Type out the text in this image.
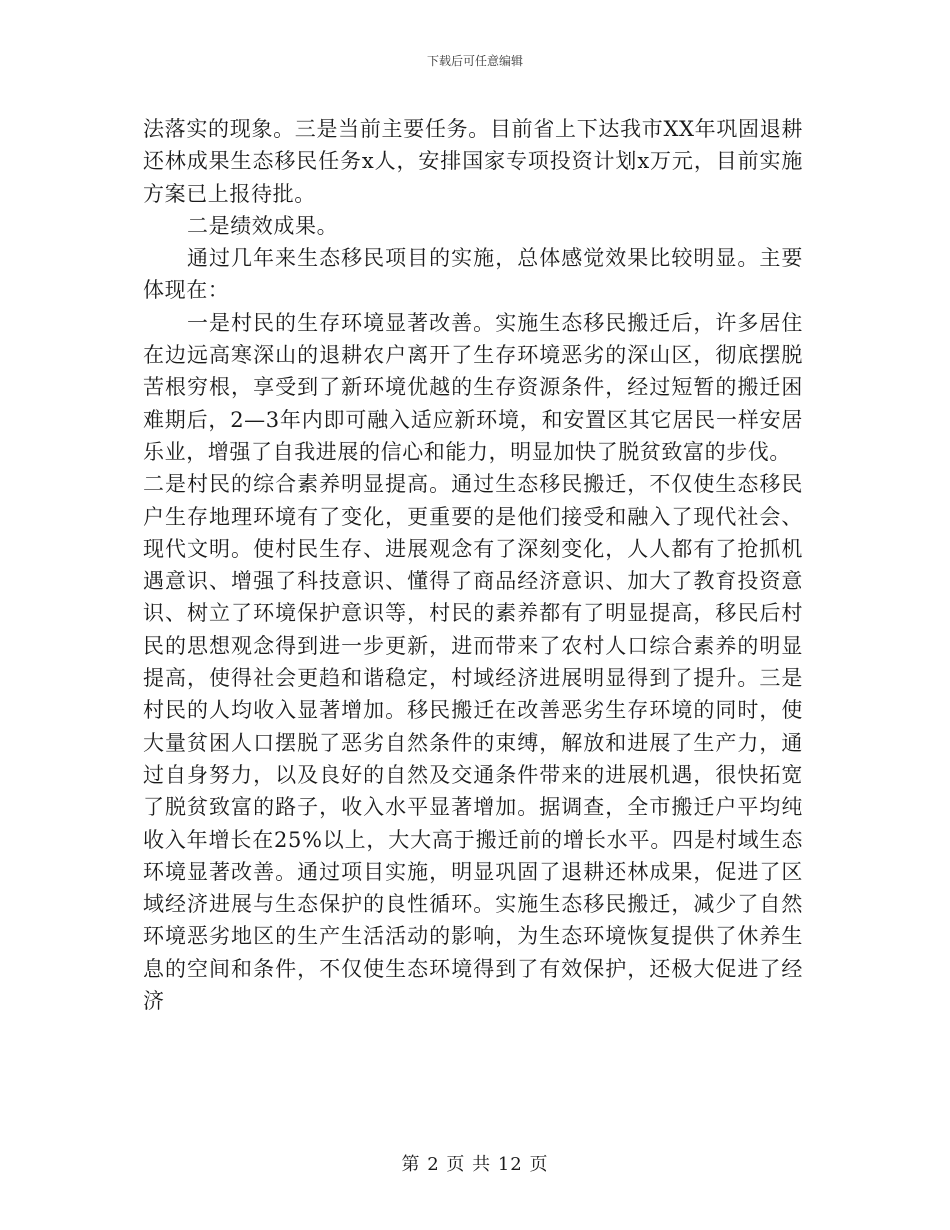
下载后可任意编辑

法落实的现象。三是当前主要任务。目前省上下达我市XX年巩固退耕还林成果生态移民任务x人，安排国家专项投资计划x万元，目前实施方案已上报待批。

二是绩效成果。

通过几年来生态移民项目的实施，总体感觉效果比较明显。主要体现在：

一是村民的生存环境显著改善。实施生态移民搬迁后，许多居住在边远高寒深山的退耕农户离开了生存环境恶劣的深山区，彻底摆脱苦根穷根，享受到了新环境优越的生存资源条件，经过短暂的搬迁困难期后，2—3年内即可融入适应新环境，和安置区其它居民一样安居乐业，增强了自我进展的信心和能力，明显加快了脱贫致富的步伐。

二是村民的综合素养明显提高。通过生态移民搬迁，不仅使生态移民户生存地理环境有了变化，更重要的是他们接受和融入了现代社会、现代文明。使村民生存、进展观念有了深刻变化，人人都有了抢抓机遇意识、增强了科技意识、懂得了商品经济意识、加大了教育投资意识、树立了环境保护意识等，村民的素养都有了明显提高，移民后村民的思想观念得到进一步更新，进而带来了农村人口综合素养的明显提高，使得社会更趋和谐稳定，村域经济进展明显得到了提升。三是村民的人均收入显著增加。移民搬迁在改善恶劣生存环境的同时，使大量贫困人口摆脱了恶劣自然条件的束缚，解放和进展了生产力，通过自身努力，以及良好的自然及交通条件带来的进展机遇，很快拓宽了脱贫致富的路子，收入水平显著增加。据调查，全市搬迁户平均纯收入年增长在25%以上，大大高于搬迁前的增长水平。四是村域生态环境显著改善。通过项目实施，明显巩固了退耕还林成果，促进了区域经济进展与生态保护的良性循环。实施生态移民搬迁，减少了自然环境恶劣地区的生产生活活动的影响，为生态环境恢复提供了休养生息的空间和条件，不仅使生态环境得到了有效保护，还极大促进了经济

第 2 页 共 12 页
